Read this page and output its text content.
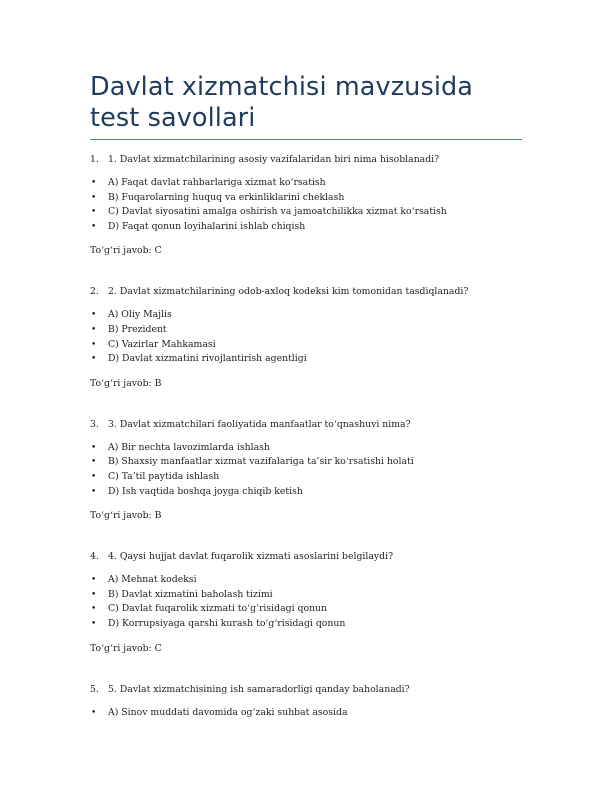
Davlat xizmatchisi mavzusida test savollari
1. 1. Davlat xizmatchilarining asosiy vazifalaridan biri nima hisoblanadi?
• A) Faqat davlat rahbarlariga xizmat ko‘rsatish
• B) Fuqarolarning huquq va erkinliklarini cheklash
• C) Davlat siyosatini amalga oshirish va jamoatchilikka xizmat ko‘rsatish
• D) Faqat qonun loyihalarini ishlab chiqish
To‘g‘ri javob: C
2. 2. Davlat xizmatchilarining odob-axloq kodeksi kim tomonidan tasdiqlanadi?
• A) Oliy Majlis
• B) Prezident
• C) Vazirlar Mahkamasi
• D) Davlat xizmatini rivojlantirish agentligi
To‘g‘ri javob: B
3. 3. Davlat xizmatchilari faoliyatida manfaatlar to‘qnashuvi nima?
• A) Bir nechta lavozimlarda ishlash
• B) Shaxsiy manfaatlar xizmat vazifalariga ta’sir ko‘rsatishi holati
• C) Ta’til paytida ishlash
• D) Ish vaqtida boshqa joyga chiqib ketish
To‘g‘ri javob: B
4. 4. Qaysi hujjat davlat fuqarolik xizmati asoslarini belgilaydi?
• A) Mehnat kodeksi
• B) Davlat xizmatini baholash tizimi
• C) Davlat fuqarolik xizmati to‘g‘risidagi qonun
• D) Korrupsiyaga qarshi kurash to‘g‘risidagi qonun
To‘g‘ri javob: C
5. 5. Davlat xizmatchisining ish samaradorligi qanday baholanadi?
• A) Sinov muddati davomida og‘zaki suhbat asosida
